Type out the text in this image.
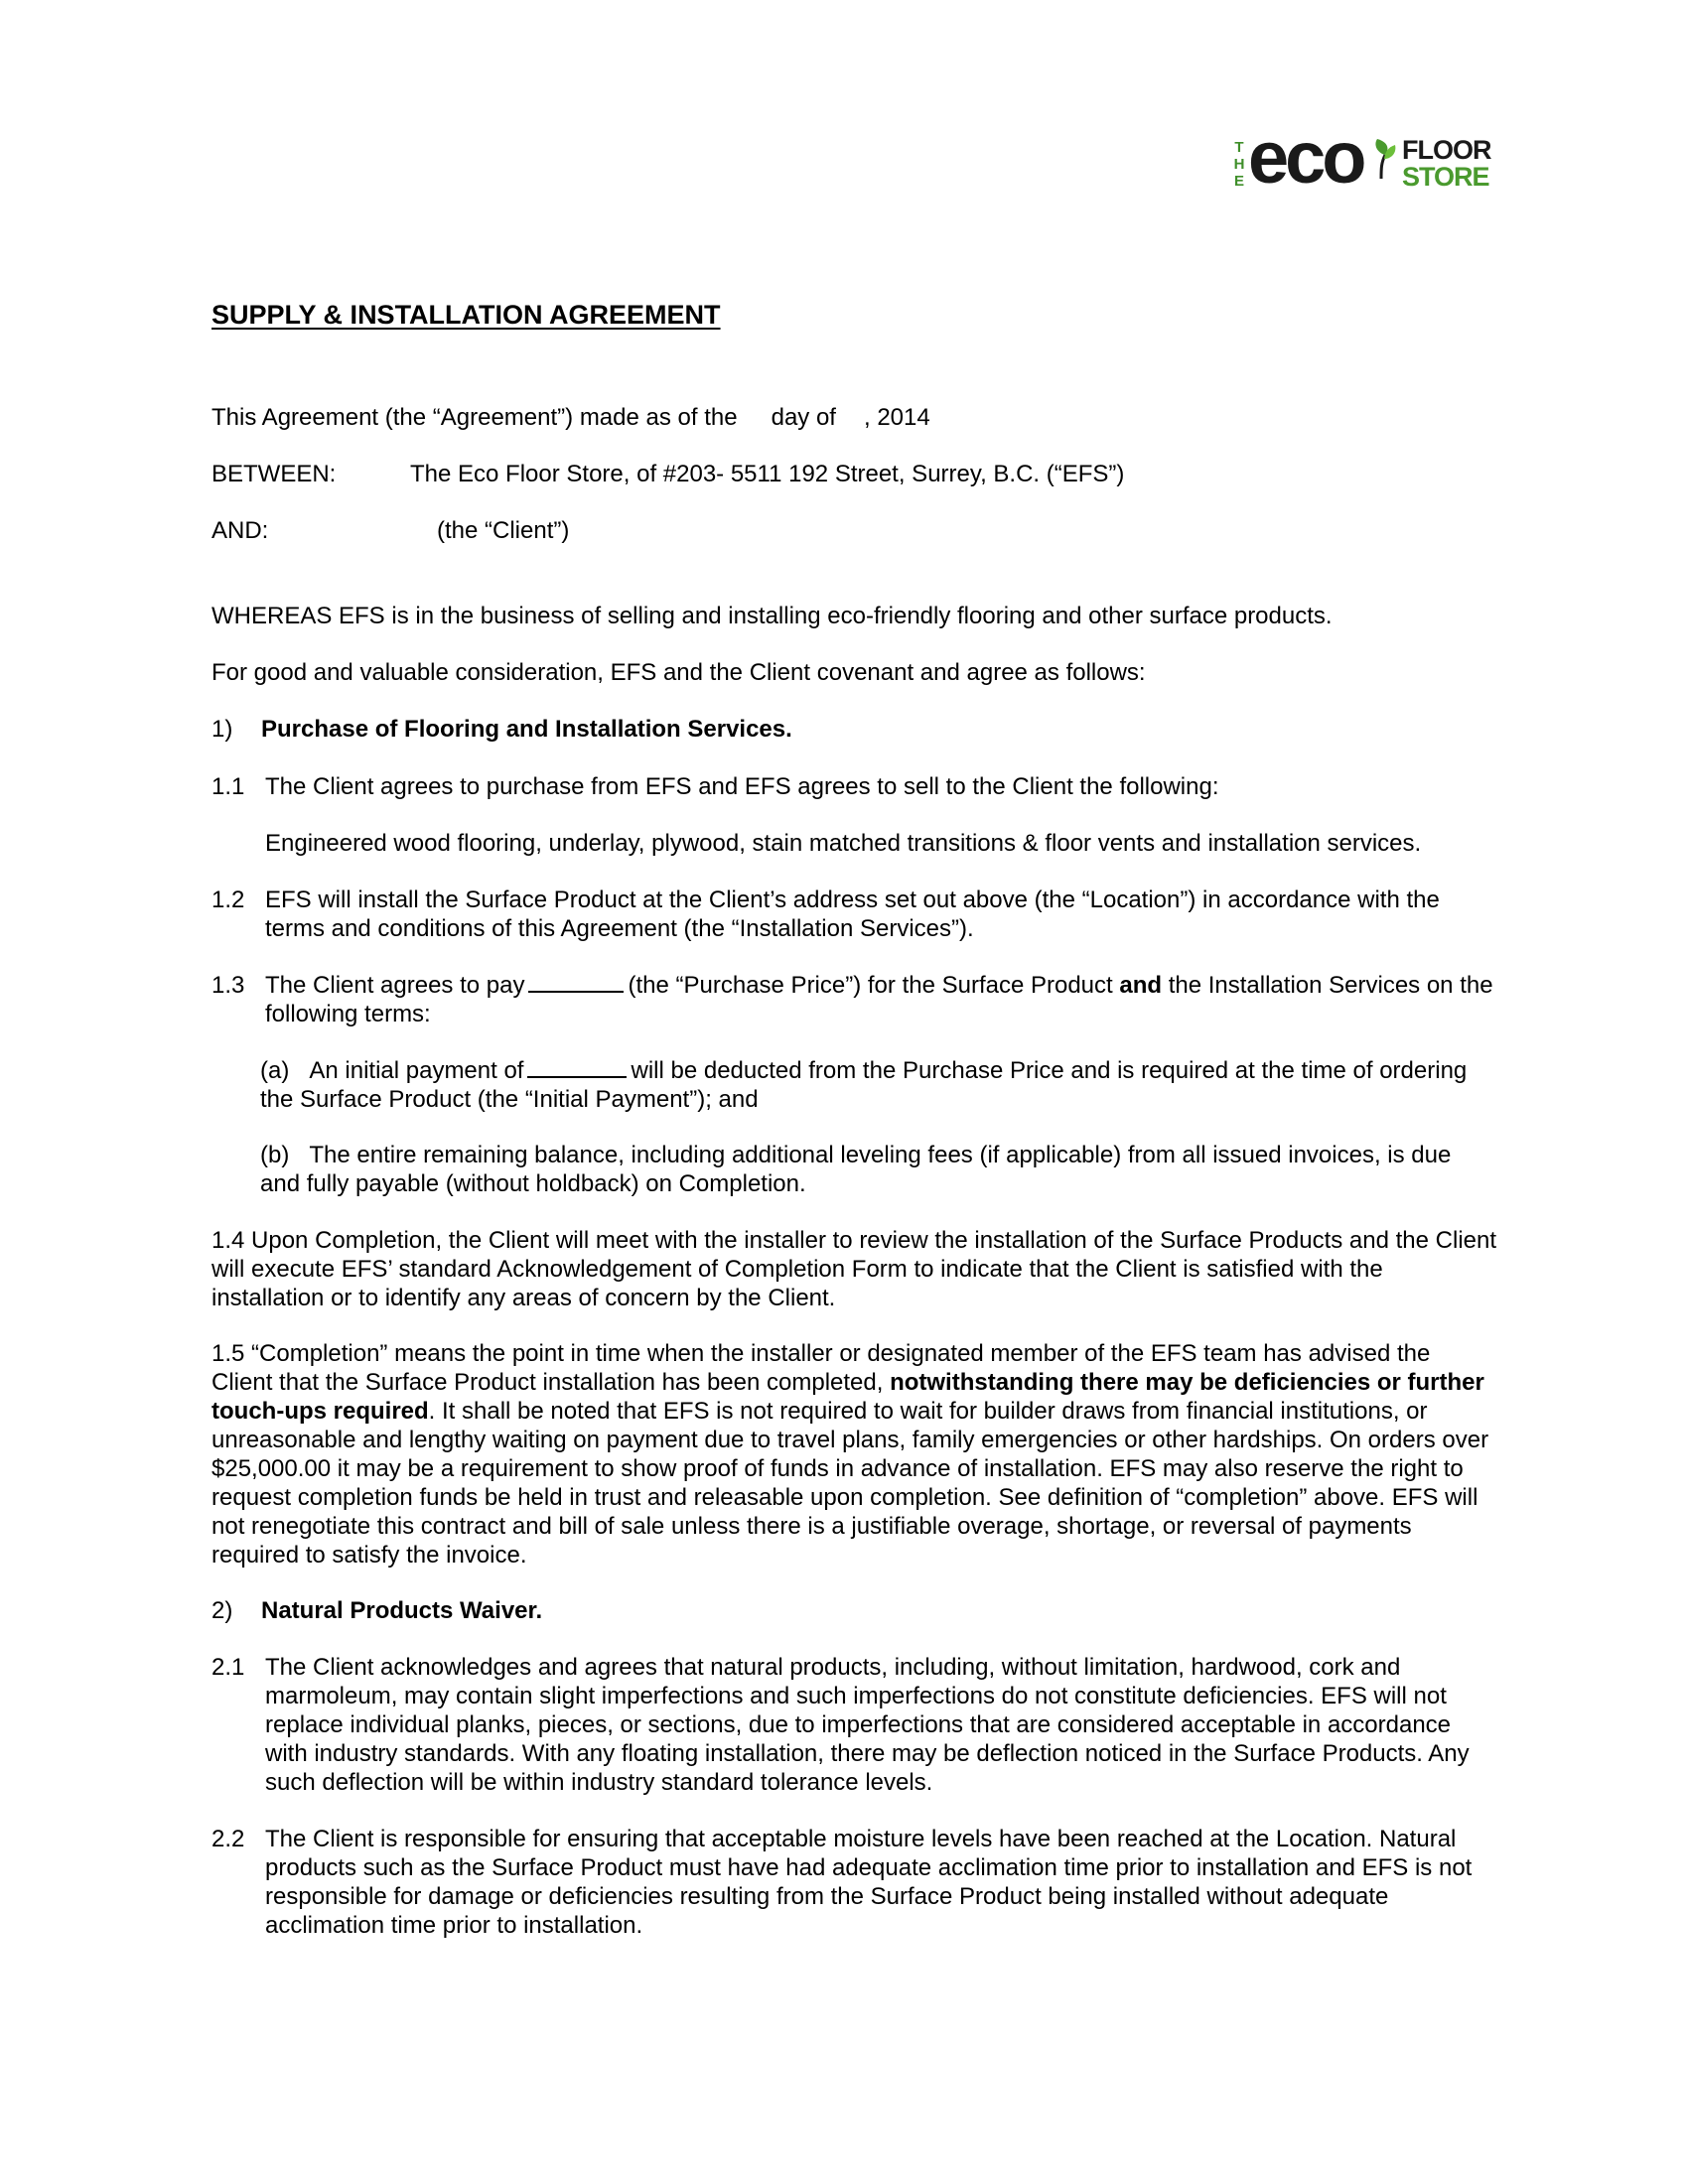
T
H
E eco FLOOR
STORE
SUPPLY & INSTALLATION AGREEMENT
This Agreement (the “Agreement”) made as of the day of , 2014
BETWEEN:	The Eco Floor Store, of #203- 5511 192 Street, Surrey, B.C. (“EFS”)
AND:	(the “Client”)
WHEREAS EFS is in the business of selling and installing eco-friendly flooring and other surface products.
For good and valuable consideration, EFS and the Client covenant and agree as follows:
1) Purchase of Flooring and Installation Services.
1.1 The Client agrees to purchase from EFS and EFS agrees to sell to the Client the following:
Engineered wood flooring, underlay, plywood, stain matched transitions & floor vents and installation services.
1.2 EFS will install the Surface Product at the Client’s address set out above (the “Location”) in accordance with the terms and conditions of this Agreement (the “Installation Services”).
1.3 The Client agrees to pay	(the “Purchase Price”) for the Surface Product and the Installation Services on the following terms:
(a) An initial payment of	will be deducted from the Purchase Price and is required at the time of ordering the Surface Product (the “Initial Payment”); and
(b) The entire remaining balance, including additional leveling fees (if applicable) from all issued invoices, is due and fully payable (without holdback) on Completion.
1.4 Upon Completion, the Client will meet with the installer to review the installation of the Surface Products and the Client will execute EFS’ standard Acknowledgement of Completion Form to indicate that the Client is satisfied with the installation or to identify any areas of concern by the Client.
1.5 “Completion” means the point in time when the installer or designated member of the EFS team has advised the Client that the Surface Product installation has been completed, notwithstanding there may be deficiencies or further touch-ups required. It shall be noted that EFS is not required to wait for builder draws from financial institutions, or unreasonable and lengthy waiting on payment due to travel plans, family emergencies or other hardships. On orders over $25,000.00 it may be a requirement to show proof of funds in advance of installation. EFS may also reserve the right to request completion funds be held in trust and releasable upon completion. See definition of “completion” above. EFS will not renegotiate this contract and bill of sale unless there is a justifiable overage, shortage, or reversal of payments required to satisfy the invoice.
2) Natural Products Waiver.
2.1 The Client acknowledges and agrees that natural products, including, without limitation, hardwood, cork and marmoleum, may contain slight imperfections and such imperfections do not constitute deficiencies. EFS will not replace individual planks, pieces, or sections, due to imperfections that are considered acceptable in accordance with industry standards. With any floating installation, there may be deflection noticed in the Surface Products. Any such deflection will be within industry standard tolerance levels.
2.2 The Client is responsible for ensuring that acceptable moisture levels have been reached at the Location. Natural products such as the Surface Product must have had adequate acclimation time prior to installation and EFS is not responsible for damage or deficiencies resulting from the Surface Product being installed without adequate acclimation time prior to installation.
